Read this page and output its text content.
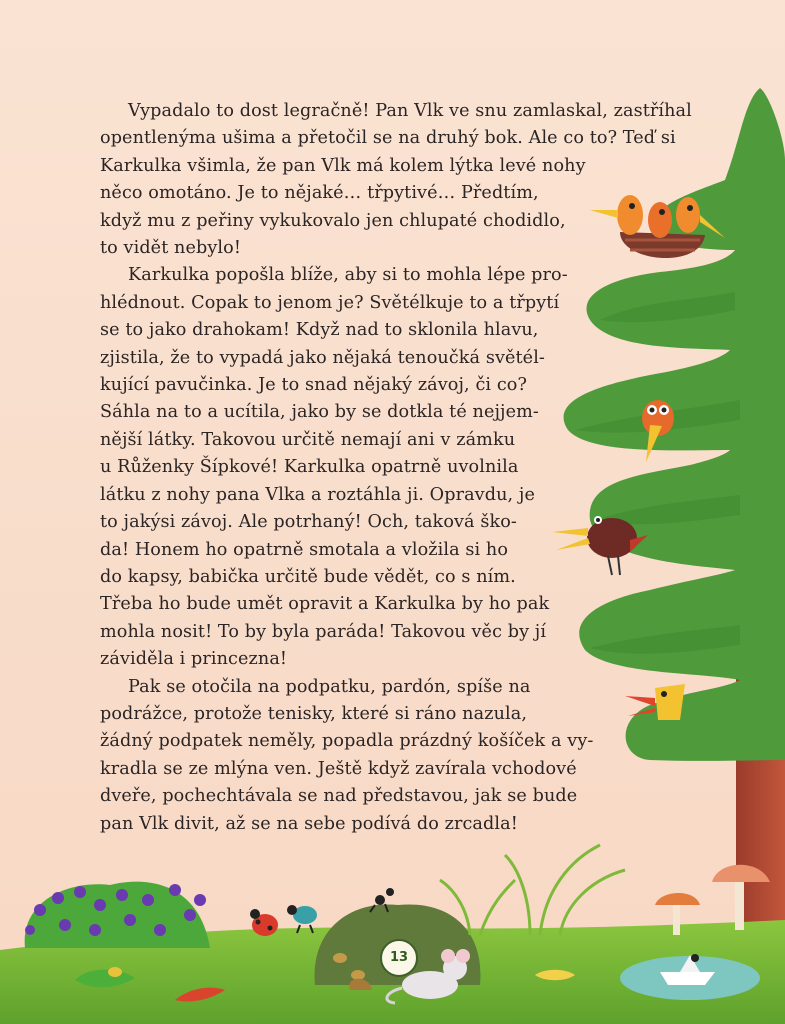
Vypadalo to dost legračně! Pan Vlk ve snu zamlaskal, zastříhal
opentlenýma ušima a přetočil se na druhý bok. Ale co to? Teď si
Karkulka všimla, že pan Vlk má kolem lýtka levé nohy
něco omotáno. Je to nějaké… třpytivé… Předtím,
když mu z peřiny vykukovalo jen chlupaté chodidlo,
to vidět nebylo!
Karkulka popošla blíže, aby si to mohla lépe pro-
hlédnout. Copak to jenom je? Světélkuje to a třpytí
se to jako drahokam! Když nad to sklonila hlavu,
zjistila, že to vypadá jako nějaká tenoučká světél-
kující pavučinka. Je to snad nějaký závoj, či co?
Sáhla na to a ucítila, jako by se dotkla té nejjem-
nější látky. Takovou určitě nemají ani v zámku
u Růženky Šípkové! Karkulka opatrně uvolnila
látku z nohy pana Vlka a roztáhla ji. Opravdu, je
to jakýsi závoj. Ale potrhaný! Och, taková ško-
da! Honem ho opatrně smotala a vložila si ho
do kapsy, babička určitě bude vědět, co s ním.
Třeba ho bude umět opravit a Karkulka by ho pak
mohla nosit! To by byla paráda! Takovou věc by jí
záviděla i princezna!
Pak se otočila na podpatku, pardón, spíše na
podrážce, protože tenisky, které si ráno nazula,
žádný podpatek neměly, popadla prázdný košíček a vy-
kradla se ze mlýna ven. Ještě když zavírala vchodové
dveře, pochechtávala se nad představou, jak se bude
pan Vlk divit, až se na sebe podívá do zrcadla!
13
